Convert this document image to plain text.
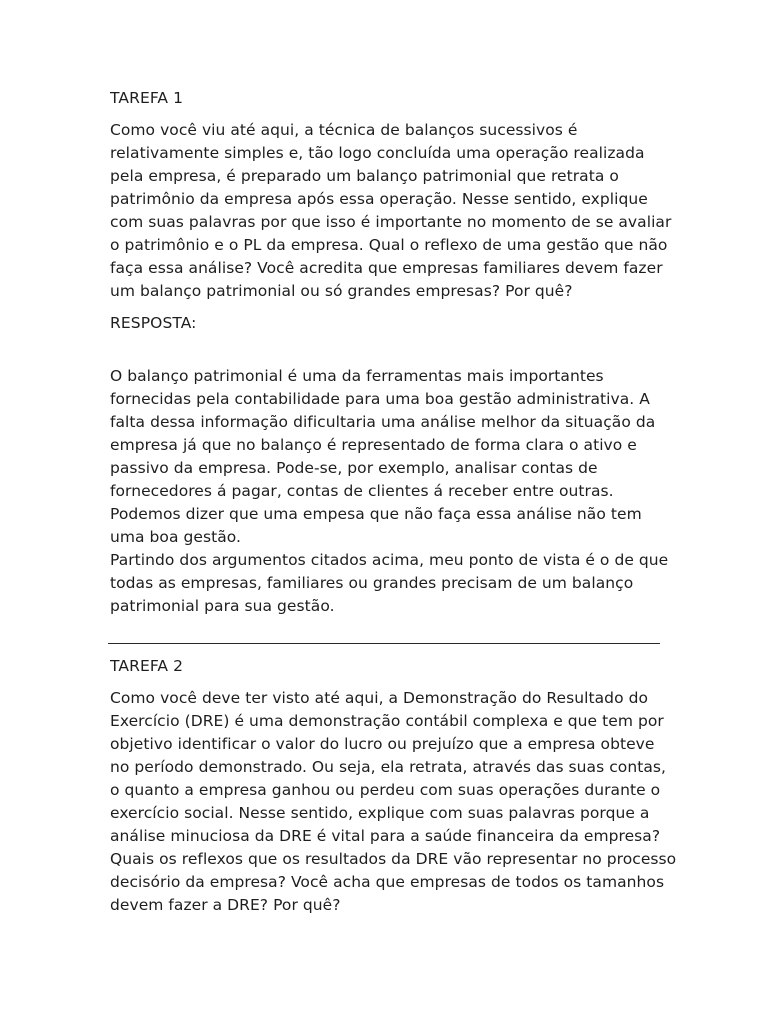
TAREFA 1

Como você viu até aqui, a técnica de balanços sucessivos é
relativamente simples e, tão logo concluída uma operação realizada
pela empresa, é preparado um balanço patrimonial que retrata o
patrimônio da empresa após essa operação. Nesse sentido, explique
com suas palavras por que isso é importante no momento de se avaliar
o patrimônio e o PL da empresa. Qual o reflexo de uma gestão que não
faça essa análise? Você acredita que empresas familiares devem fazer
um balanço patrimonial ou só grandes empresas? Por quê?

RESPOSTA:

O balanço patrimonial é uma da ferramentas mais importantes
fornecidas pela contabilidade para uma boa gestão administrativa. A
falta dessa informação dificultaria uma análise melhor da situação da
empresa já que no balanço é representado de forma clara o ativo e
passivo da empresa. Pode-se, por exemplo, analisar contas de
fornecedores á pagar, contas de clientes á receber entre outras.
Podemos dizer que uma empesa que não faça essa análise não tem
uma boa gestão.
Partindo dos argumentos citados acima, meu ponto de vista é o de que
todas as empresas, familiares ou grandes precisam de um balanço
patrimonial para sua gestão.

TAREFA 2

Como você deve ter visto até aqui, a Demonstração do Resultado do
Exercício (DRE) é uma demonstração contábil complexa e que tem por
objetivo identificar o valor do lucro ou prejuízo que a empresa obteve
no período demonstrado. Ou seja, ela retrata, através das suas contas,
o quanto a empresa ganhou ou perdeu com suas operações durante o
exercício social. Nesse sentido, explique com suas palavras porque a
análise minuciosa da DRE é vital para a saúde financeira da empresa?
Quais os reflexos que os resultados da DRE vão representar no processo
decisório da empresa? Você acha que empresas de todos os tamanhos
devem fazer a DRE? Por quê?
